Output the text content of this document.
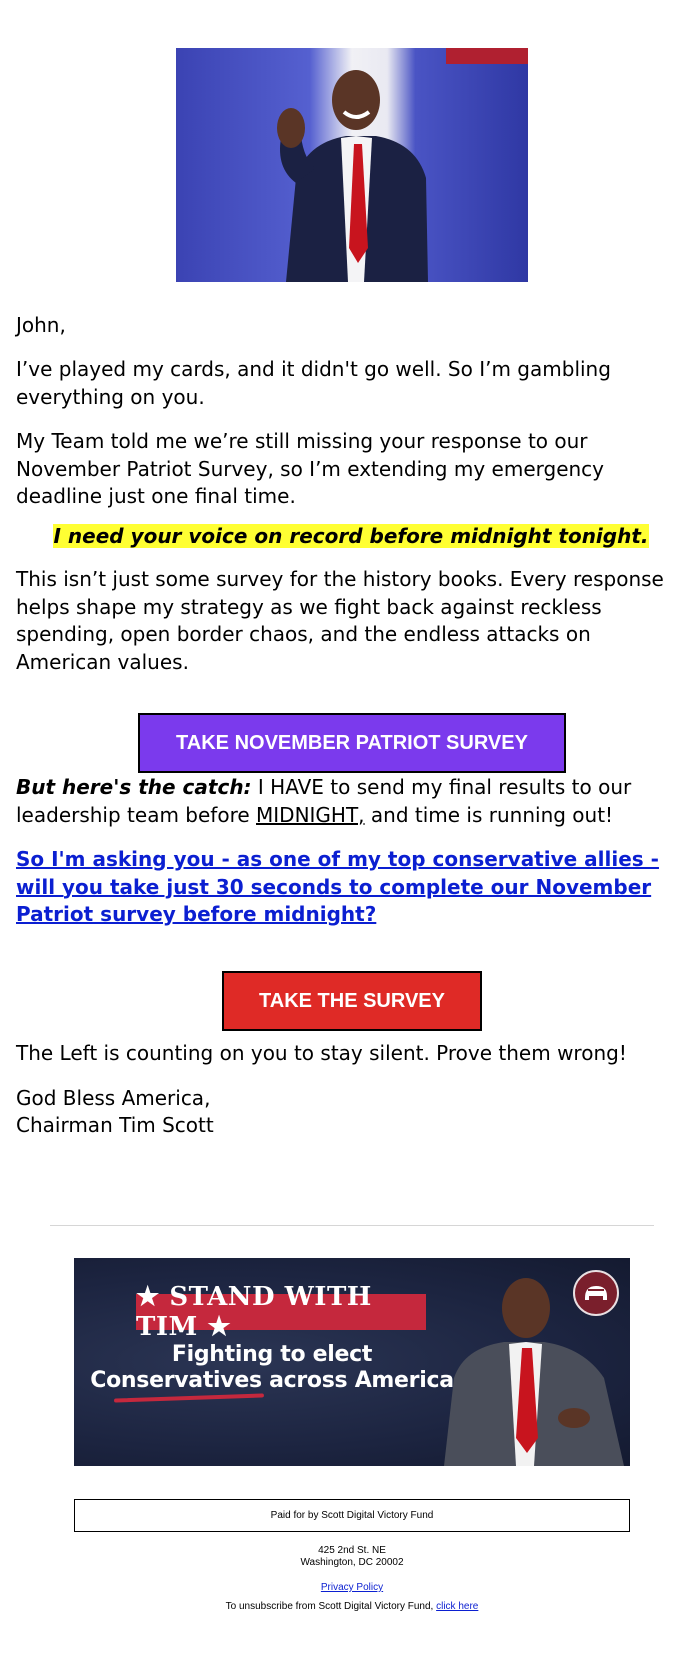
John,

I’ve played my cards, and it didn't go well. So I’m gambling everything on you.

My Team told me we’re still missing your response to our November Patriot Survey, so I’m extending my emergency deadline just one final time.

I need your voice on record before midnight tonight.

This isn’t just some survey for the history books. Every response helps shape my strategy as we fight back against reckless spending, open border chaos, and the endless attacks on American values.

TAKE NOVEMBER PATRIOT SURVEY

But here's the catch: I HAVE to send my final results to our leadership team before MIDNIGHT, and time is running out!

So I'm asking you - as one of my top conservative allies - will you take just 30 seconds to complete our November Patriot survey before midnight?

TAKE THE SURVEY

The Left is counting on you to stay silent. Prove them wrong!

God Bless America,

Chairman Tim Scott

★ STAND WITH TIM ★
Fighting to elect
Conservatives across America
Paid for by Scott Digital Victory Fund
425 2nd St. NE
Washington, DC 20002
Privacy Policy
To unsubscribe from Scott Digital Victory Fund, click here
